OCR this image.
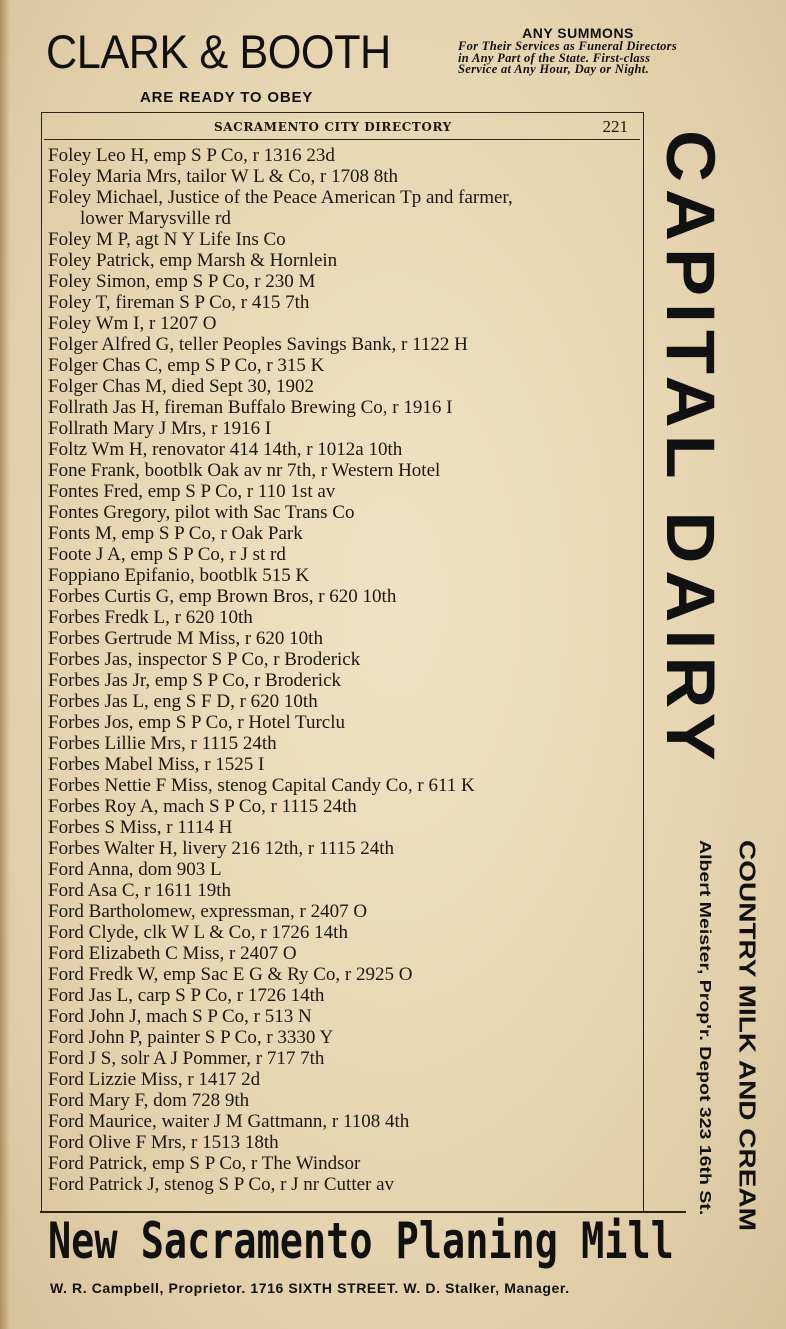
CLARK & BOOTH
ARE READY TO OBEY
ANY SUMMONS
For Their Services as Funeral Directors in Any Part of the State. First-class Service at Any Hour, Day or Night.
SACRAMENTO CITY DIRECTORY	221
Foley Leo H, emp S P Co, r 1316 23d
Foley Maria Mrs, tailor W L & Co, r 1708 8th
Foley Michael, Justice of the Peace American Tp and farmer,
lower Marysville rd
Foley M P, agt N Y Life Ins Co
Foley Patrick, emp Marsh & Hornlein
Foley Simon, emp S P Co, r 230 M
Foley T, fireman S P Co, r 415 7th
Foley Wm I, r 1207 O
Folger Alfred G, teller Peoples Savings Bank, r 1122 H
Folger Chas C, emp S P Co, r 315 K
Folger Chas M, died Sept 30, 1902
Follrath Jas H, fireman Buffalo Brewing Co, r 1916 I
Follrath Mary J Mrs, r 1916 I
Foltz Wm H, renovator 414 14th, r 1012a 10th
Fone Frank, bootblk Oak av nr 7th, r Western Hotel
Fontes Fred, emp S P Co, r 110 1st av
Fontes Gregory, pilot with Sac Trans Co
Fonts M, emp S P Co, r Oak Park
Foote J A, emp S P Co, r J st rd
Foppiano Epifanio, bootblk 515 K
Forbes Curtis G, emp Brown Bros, r 620 10th
Forbes Fredk L, r 620 10th
Forbes Gertrude M Miss, r 620 10th
Forbes Jas, inspector S P Co, r Broderick
Forbes Jas Jr, emp S P Co, r Broderick
Forbes Jas L, eng S F D, r 620 10th
Forbes Jos, emp S P Co, r Hotel Turclu
Forbes Lillie Mrs, r 1115 24th
Forbes Mabel Miss, r 1525 I
Forbes Nettie F Miss, stenog Capital Candy Co, r 611 K
Forbes Roy A, mach S P Co, r 1115 24th
Forbes S Miss, r 1114 H
Forbes Walter H, livery 216 12th, r 1115 24th
Ford Anna, dom 903 L
Ford Asa C, r 1611 19th
Ford Bartholomew, expressman, r 2407 O
Ford Clyde, clk W L & Co, r 1726 14th
Ford Elizabeth C Miss, r 2407 O
Ford Fredk W, emp Sac E G & Ry Co, r 2925 O
Ford Jas L, carp S P Co, r 1726 14th
Ford John J, mach S P Co, r 513 N
Ford John P, painter S P Co, r 3330 Y
Ford J S, solr A J Pommer, r 717 7th
Ford Lizzie Miss, r 1417 2d
Ford Mary F, dom 728 9th
Ford Maurice, waiter J M Gattmann, r 1108 4th
Ford Olive F Mrs, r 1513 18th
Ford Patrick, emp S P Co, r The Windsor
Ford Patrick J, stenog S P Co, r J nr Cutter av
CAPITAL DAIRY
COUNTRY MILK AND CREAM
Albert Meister, Prop'r. Depot 323 16th St.
New Sacramento Planing Mill
W. R. Campbell, Proprietor. 1716 SIXTH STREET. W. D. Stalker, Manager.
